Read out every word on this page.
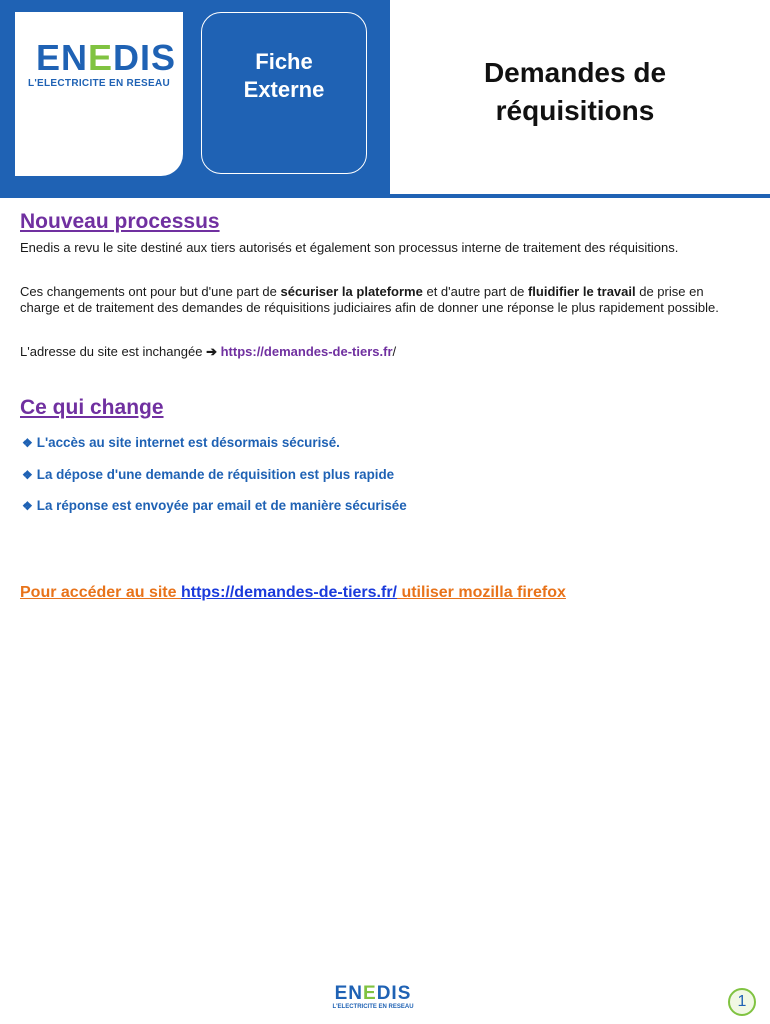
ENEDIS
L'ELECTRICITE EN RESEAU
Fiche
Externe
Demandes de
réquisitions
Nouveau processus
Enedis a revu le site destiné aux tiers autorisés et également son processus interne de traitement des réquisitions.
Ces changements ont pour but d'une part de sécuriser la plateforme et d'autre part de fluidifier le travail de prise en charge et de traitement des demandes de réquisitions judiciaires afin de donner une réponse le plus rapidement possible.
L'adresse du site est inchangée ➔ https://demandes-de-tiers.fr/
Ce qui change
❖ L'accès au site internet est désormais sécurisé.
❖ La dépose d'une demande de réquisition est plus rapide
❖ La réponse est envoyée par email et de manière sécurisée
Pour accéder au site https://demandes-de-tiers.fr/ utiliser mozilla firefox
ENEDIS
L'ELECTRICITE EN RESEAU	1
